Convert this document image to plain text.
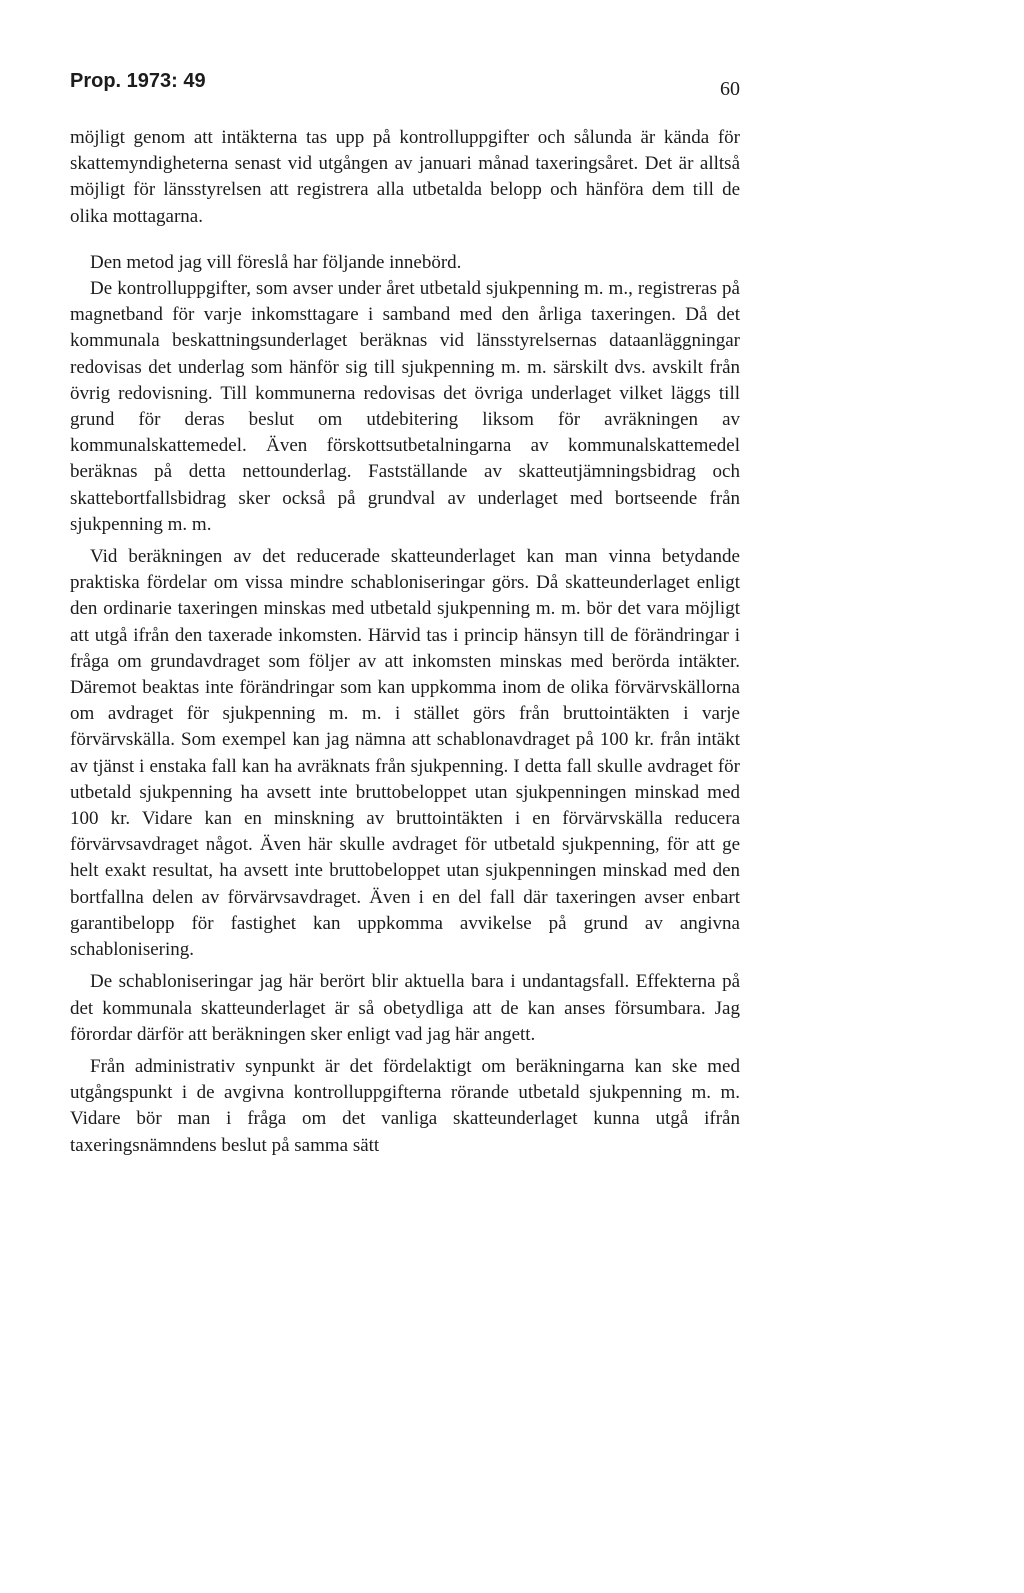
Prop. 1973: 49	60

möjligt genom att intäkterna tas upp på kontrolluppgifter och sålunda är kända för skattemyndigheterna senast vid utgången av januari månad taxeringsåret. Det är alltså möjligt för länsstyrelsen att registrera alla utbetalda belopp och hänföra dem till de olika mottagarna.

Den metod jag vill föreslå har följande innebörd.

De kontrolluppgifter, som avser under året utbetald sjukpenning m. m., registreras på magnetband för varje inkomsttagare i samband med den årliga taxeringen. Då det kommunala beskattningsunderlaget beräknas vid länsstyrelsernas dataanläggningar redovisas det underlag som hänför sig till sjukpenning m. m. särskilt dvs. avskilt från övrig redovisning. Till kommunerna redovisas det övriga underlaget vilket läggs till grund för deras beslut om utdebitering liksom för avräkningen av kommunalskattemedel. Även förskottsutbetalningarna av kommunalskattemedel beräknas på detta nettounderlag. Fastställande av skatteutjämningsbidrag och skattebortfallsbidrag sker också på grundval av underlaget med bortseende från sjukpenning m. m.

Vid beräkningen av det reducerade skatteunderlaget kan man vinna betydande praktiska fördelar om vissa mindre schabloniseringar görs. Då skatteunderlaget enligt den ordinarie taxeringen minskas med utbetald sjukpenning m. m. bör det vara möjligt att utgå ifrån den taxerade inkomsten. Härvid tas i princip hänsyn till de förändringar i fråga om grundavdraget som följer av att inkomsten minskas med berörda intäkter. Däremot beaktas inte förändringar som kan uppkomma inom de olika förvärvskällorna om avdraget för sjukpenning m. m. i stället görs från bruttointäkten i varje förvärvskälla. Som exempel kan jag nämna att schablonavdraget på 100 kr. från intäkt av tjänst i enstaka fall kan ha avräknats från sjukpenning. I detta fall skulle avdraget för utbetald sjukpenning ha avsett inte bruttobeloppet utan sjukpenningen minskad med 100 kr. Vidare kan en minskning av bruttointäkten i en förvärvskälla reducera förvärvsavdraget något. Även här skulle avdraget för utbetald sjukpenning, för att ge helt exakt resultat, ha avsett inte bruttobeloppet utan sjukpenningen minskad med den bortfallna delen av förvärvsavdraget. Även i en del fall där taxeringen avser enbart garantibelopp för fastighet kan uppkomma avvikelse på grund av angivna schablonisering.

De schabloniseringar jag här berört blir aktuella bara i undantagsfall. Effekterna på det kommunala skatteunderlaget är så obetydliga att de kan anses försumbara. Jag förordar därför att beräkningen sker enligt vad jag här angett.

Från administrativ synpunkt är det fördelaktigt om beräkningarna kan ske med utgångspunkt i de avgivna kontrolluppgifterna rörande utbetald sjukpenning m. m. Vidare bör man i fråga om det vanliga skatteunderlaget kunna utgå ifrån taxeringsnämndens beslut på samma sätt
